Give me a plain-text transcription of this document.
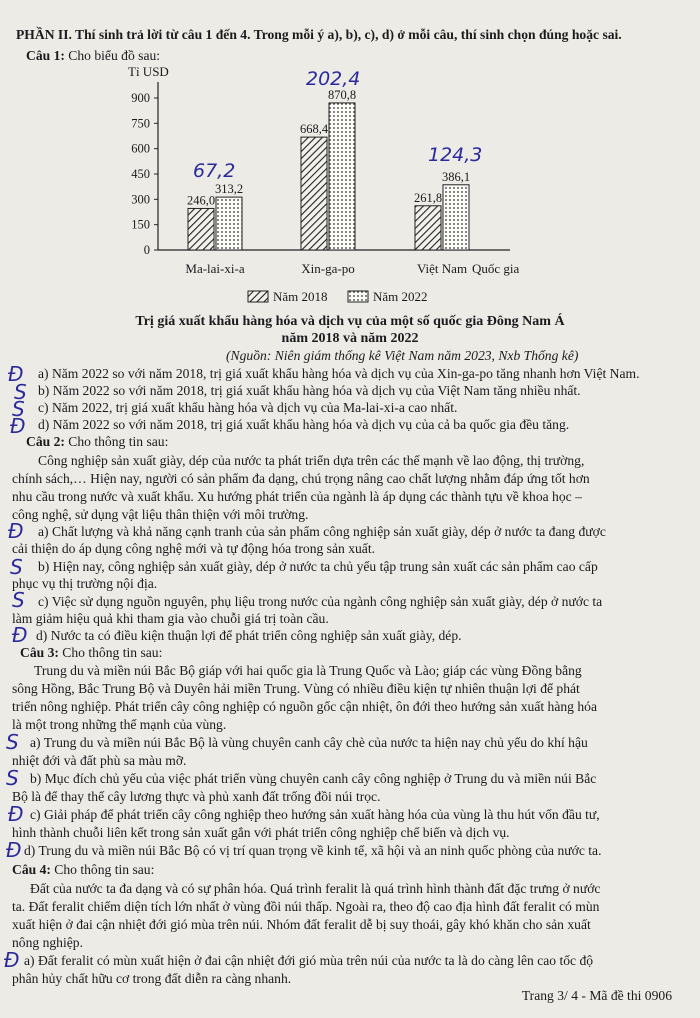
PHẦN II. Thí sinh trả lời từ câu 1 đến 4. Trong mỗi ý a), b), c), d) ở mỗi câu, thí sinh chọn đúng hoặc sai.
Câu 1: Cho biểu đồ sau:
Tỉ USD
0
150
300
450
600
750
900
246,0
313,2
Ma-lai-xi-a
668,4
870,8
Xin-ga-po
261,8
386,1
Việt Nam Quốc gia
Năm 2018	Năm 2022
67,2
202,4
124,3
Trị giá xuất khẩu hàng hóa và dịch vụ của một số quốc gia Đông Nam Á
năm 2018 và năm 2022
(Nguồn: Niên giám thống kê Việt Nam năm 2023, Nxb Thống kê)
Đ a) Năm 2022 so với năm 2018, trị giá xuất khẩu hàng hóa và dịch vụ của Xin-ga-po tăng nhanh hơn Việt Nam.
S b) Năm 2022 so với năm 2018, trị giá xuất khẩu hàng hóa và dịch vụ của Việt Nam tăng nhiều nhất.
S c) Năm 2022, trị giá xuất khẩu hàng hóa và dịch vụ của Ma-lai-xi-a cao nhất.
Đ d) Năm 2022 so với năm 2018, trị giá xuất khẩu hàng hóa và dịch vụ của cả ba quốc gia đều tăng.
Câu 2: Cho thông tin sau:
Công nghiệp sản xuất giày, dép của nước ta phát triển dựa trên các thế mạnh về lao động, thị trường,
chính sách,… Hiện nay, người có sản phẩm đa dạng, chú trọng nâng cao chất lượng nhằm đáp ứng tốt hơn
nhu cầu trong nước và xuất khẩu. Xu hướng phát triển của ngành là áp dụng các thành tựu về khoa học –
công nghệ, sử dụng vật liệu thân thiện với môi trường.
Đ a) Chất lượng và khả năng cạnh tranh của sản phẩm công nghiệp sản xuất giày, dép ở nước ta đang được
cải thiện do áp dụng công nghệ mới và tự động hóa trong sản xuất.
S b) Hiện nay, công nghiệp sản xuất giày, dép ở nước ta chủ yếu tập trung sản xuất các sản phẩm cao cấp
phục vụ thị trường nội địa.
S c) Việc sử dụng nguồn nguyên, phụ liệu trong nước của ngành công nghiệp sản xuất giày, dép ở nước ta
làm giảm hiệu quả khi tham gia vào chuỗi giá trị toàn cầu.
Đ d) Nước ta có điều kiện thuận lợi để phát triển công nghiệp sản xuất giày, dép.
Câu 3: Cho thông tin sau:
Trung du và miền núi Bắc Bộ giáp với hai quốc gia là Trung Quốc và Lào; giáp các vùng Đồng bằng
sông Hồng, Bắc Trung Bộ và Duyên hải miền Trung. Vùng có nhiều điều kiện tự nhiên thuận lợi để phát
triển nông nghiệp. Phát triển cây công nghiệp có nguồn gốc cận nhiệt, ôn đới theo hướng sản xuất hàng hóa
là một trong những thế mạnh của vùng.
S a) Trung du và miền núi Bắc Bộ là vùng chuyên canh cây chè của nước ta hiện nay chủ yếu do khí hậu
nhiệt đới và đất phù sa màu mỡ.
S b) Mục đích chủ yếu của việc phát triển vùng chuyên canh cây công nghiệp ở Trung du và miền núi Bắc
Bộ là để thay thế cây lương thực và phủ xanh đất trống đồi núi trọc.
Đ c) Giải pháp để phát triển cây công nghiệp theo hướng sản xuất hàng hóa của vùng là thu hút vốn đầu tư,
hình thành chuỗi liên kết trong sản xuất gắn với phát triển công nghiệp chế biến và dịch vụ.
Đ d) Trung du và miền núi Bắc Bộ có vị trí quan trọng về kinh tế, xã hội và an ninh quốc phòng của nước ta.
Câu 4: Cho thông tin sau:
Đất của nước ta đa dạng và có sự phân hóa. Quá trình feralit là quá trình hình thành đất đặc trưng ở nước
ta. Đất feralit chiếm diện tích lớn nhất ở vùng đồi núi thấp. Ngoài ra, theo độ cao địa hình đất feralit có mùn
xuất hiện ở đai cận nhiệt đới gió mùa trên núi. Nhóm đất feralit dễ bị suy thoái, gây khó khăn cho sản xuất
nông nghiệp.
Đ a) Đất feralit có mùn xuất hiện ở đai cận nhiệt đới gió mùa trên núi của nước ta là do càng lên cao tốc độ
phân hủy chất hữu cơ trong đất diễn ra càng nhanh.
Trang 3/ 4 - Mã đề thi 0906
